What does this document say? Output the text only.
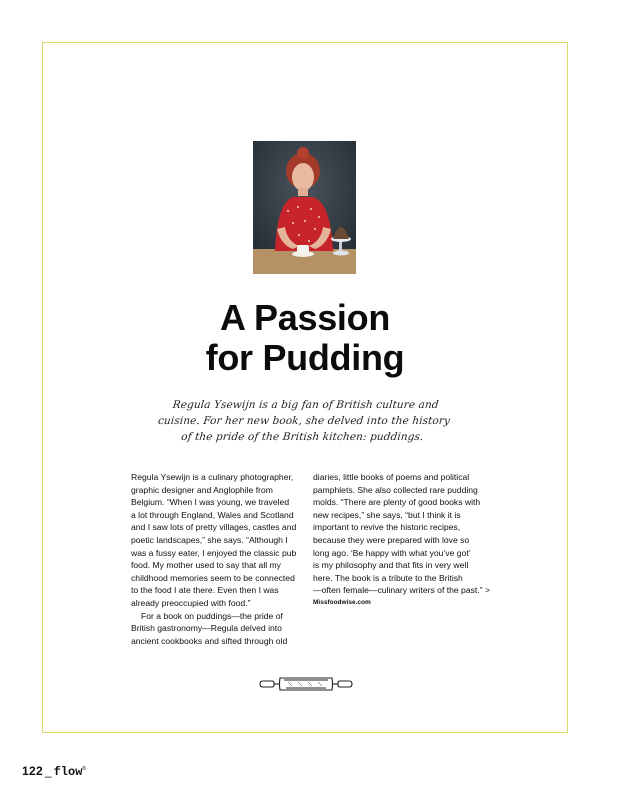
A Passion
for Pudding
Regula Ysewijn is a big fan of British culture and
cuisine. For her new book, she delved into the history
of the pride of the British kitchen: puddings.

Regula Ysewijn is a culinary photographer,

graphic designer and Anglophile from

Belgium. “When I was young, we traveled

a lot through England, Wales and Scotland

and I saw lots of pretty villages, castles and

poetic landscapes,” she says. “Although I

was a fussy eater, I enjoyed the classic pub

food. My mother used to say that all my

childhood memories seem to be connected

to the food I ate there. Even then I was

already preoccupied with food.”

For a book on puddings—the pride of

British gastronomy—Regula delved into

ancient cookbooks and sifted through old

diaries, little books of poems and political

pamphlets. She also collected rare pudding

molds. “There are plenty of good books with

new recipes,” she says, “but I think it is

important to revive the historic recipes,

because they were prepared with love so

long ago. ‘Be happy with what you’ve got’

is my philosophy and that fits in very well

here. The book is a tribute to the British

—often female—culinary writers of the past.” >

Missfoodwise.com

122 _ flow®
